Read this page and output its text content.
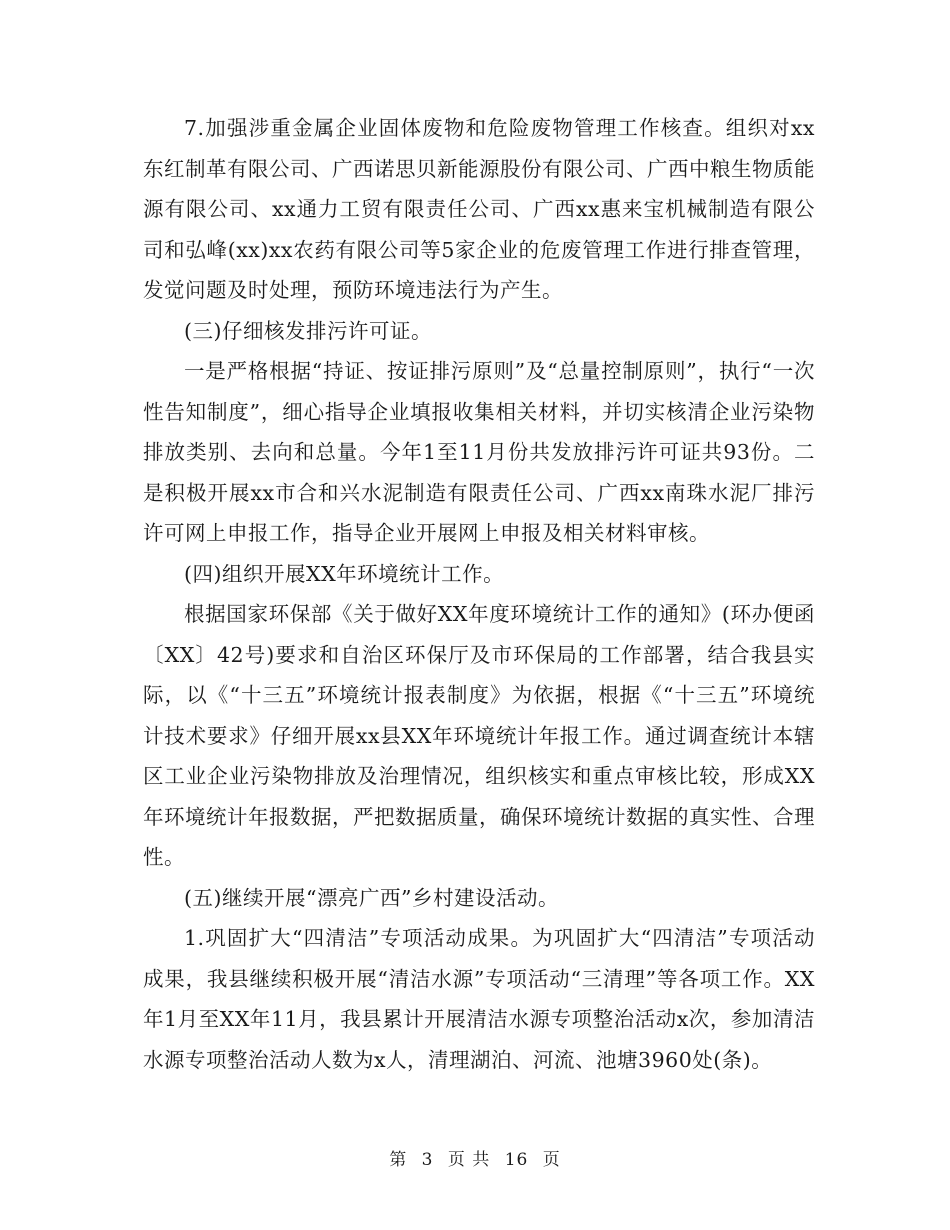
7.加强涉重金属企业固体废物和危险废物管理工作核查。组织对xx东红制革有限公司、广西诺思贝新能源股份有限公司、广西中粮生物质能源有限公司、xx通力工贸有限责任公司、广西xx惠来宝机械制造有限公司和弘峰(xx)xx农药有限公司等5家企业的危废管理工作进行排查管理，发觉问题及时处理，预防环境违法行为产生。

(三)仔细核发排污许可证。

一是严格根据“持证、按证排污原则”及“总量控制原则”，执行“一次性告知制度”，细心指导企业填报收集相关材料，并切实核清企业污染物排放类别、去向和总量。今年1至11月份共发放排污许可证共93份。二是积极开展xx市合和兴水泥制造有限责任公司、广西xx南珠水泥厂排污许可网上申报工作，指导企业开展网上申报及相关材料审核。

(四)组织开展XX年环境统计工作。

根据国家环保部《关于做好XX年度环境统计工作的通知》(环办便函〔XX〕42号)要求和自治区环保厅及市环保局的工作部署，结合我县实际，以《“十三五”环境统计报表制度》为依据，根据《“十三五”环境统计技术要求》仔细开展xx县XX年环境统计年报工作。通过调查统计本辖区工业企业污染物排放及治理情况，组织核实和重点审核比较，形成XX年环境统计年报数据，严把数据质量，确保环境统计数据的真实性、合理性。

(五)继续开展“漂亮广西”乡村建设活动。

1.巩固扩大“四清洁”专项活动成果。为巩固扩大“四清洁”专项活动成果，我县继续积极开展“清洁水源”专项活动“三清理”等各项工作。XX年1月至XX年11月，我县累计开展清洁水源专项整治活动x次，参加清洁水源专项整治活动人数为x人，清理湖泊、河流、池塘3960处(条)。

第 3 页 共 16 页
